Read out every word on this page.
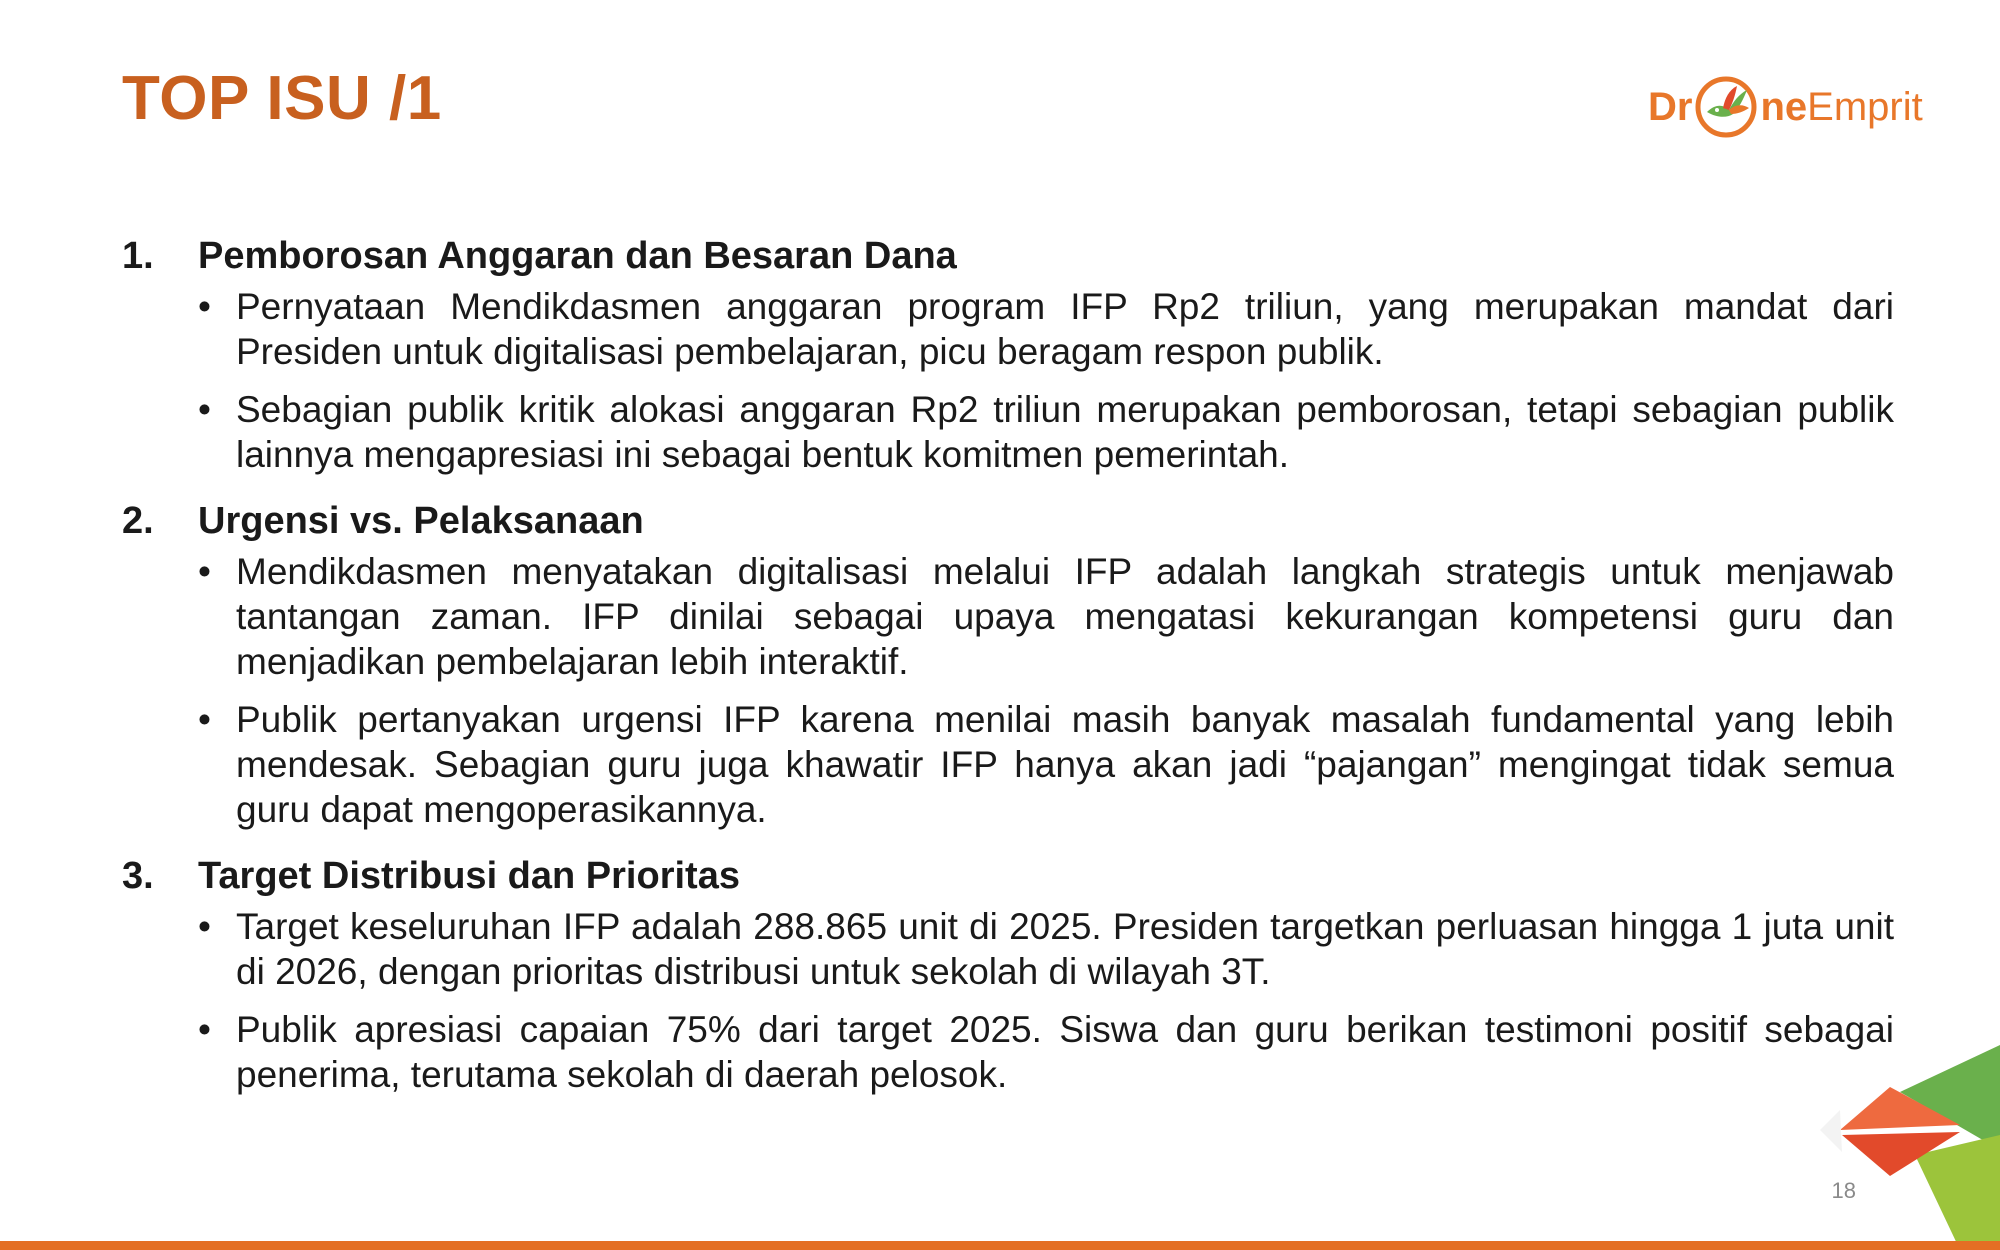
TOP ISU /1	Dr ne Emprit
1.	Pemborosan Anggaran dan Besaran Dana
• Pernyataan Mendikdasmen anggaran program IFP Rp2 triliun, yang merupakan mandat dari Presiden untuk digitalisasi pembelajaran, picu beragam respon publik.
• Sebagian publik kritik alokasi anggaran Rp2 triliun merupakan pemborosan, tetapi sebagian publik lainnya mengapresiasi ini sebagai bentuk komitmen pemerintah.
2.	Urgensi vs. Pelaksanaan
• Mendikdasmen menyatakan digitalisasi melalui IFP adalah langkah strategis untuk menjawab tantangan zaman. IFP dinilai sebagai upaya mengatasi kekurangan kompetensi guru dan menjadikan pembelajaran lebih interaktif.
• Publik pertanyakan urgensi IFP karena menilai masih banyak masalah fundamental yang lebih mendesak. Sebagian guru juga khawatir IFP hanya akan jadi “pajangan” mengingat tidak semua guru dapat mengoperasikannya.
3.	Target Distribusi dan Prioritas
• Target keseluruhan IFP adalah 288.865 unit di 2025. Presiden targetkan perluasan hingga 1 juta unit di 2026, dengan prioritas distribusi untuk sekolah di wilayah 3T.
• Publik apresiasi capaian 75% dari target 2025. Siswa dan guru berikan testimoni positif sebagai penerima, terutama sekolah di daerah pelosok.
18
